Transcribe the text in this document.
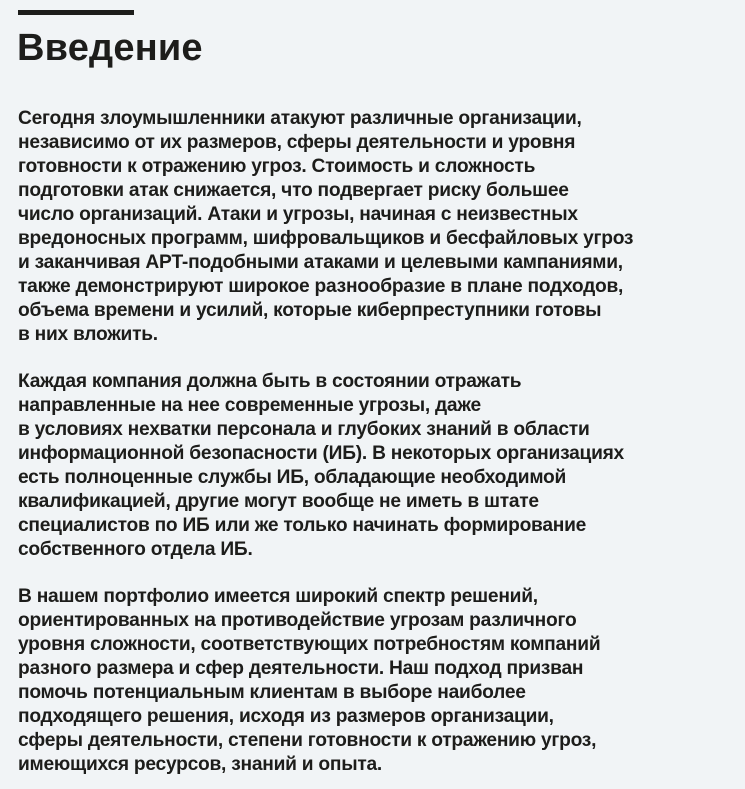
Введение

Сегодня злоумышленники атакуют различные организации,
независимо от их размеров, сферы деятельности и уровня
готовности к отражению угроз. Стоимость и сложность
подготовки атак снижается, что подвергает риску большее
число организаций. Атаки и угрозы, начиная с неизвестных
вредоносных программ, шифровальщиков и бесфайловых угроз
и заканчивая APT-подобными атаками и целевыми кампаниями,
также демонстрируют широкое разнообразие в плане подходов,
объема времени и усилий, которые киберпреступники готовы
в них вложить.

Каждая компания должна быть в состоянии отражать
направленные на нее современные угрозы, даже
в условиях нехватки персонала и глубоких знаний в области
информационной безопасности (ИБ). В некоторых организациях
есть полноценные службы ИБ, обладающие необходимой
квалификацией, другие могут вообще не иметь в штате
специалистов по ИБ или же только начинать формирование
собственного отдела ИБ.

В нашем портфолио имеется широкий спектр решений,
ориентированных на противодействие угрозам различного
уровня сложности, соответствующих потребностям компаний
разного размера и сфер деятельности. Наш подход призван
помочь потенциальным клиентам в выборе наиболее
подходящего решения, исходя из размеров организации,
сферы деятельности, степени готовности к отражению угроз,
имеющихся ресурсов, знаний и опыта.
